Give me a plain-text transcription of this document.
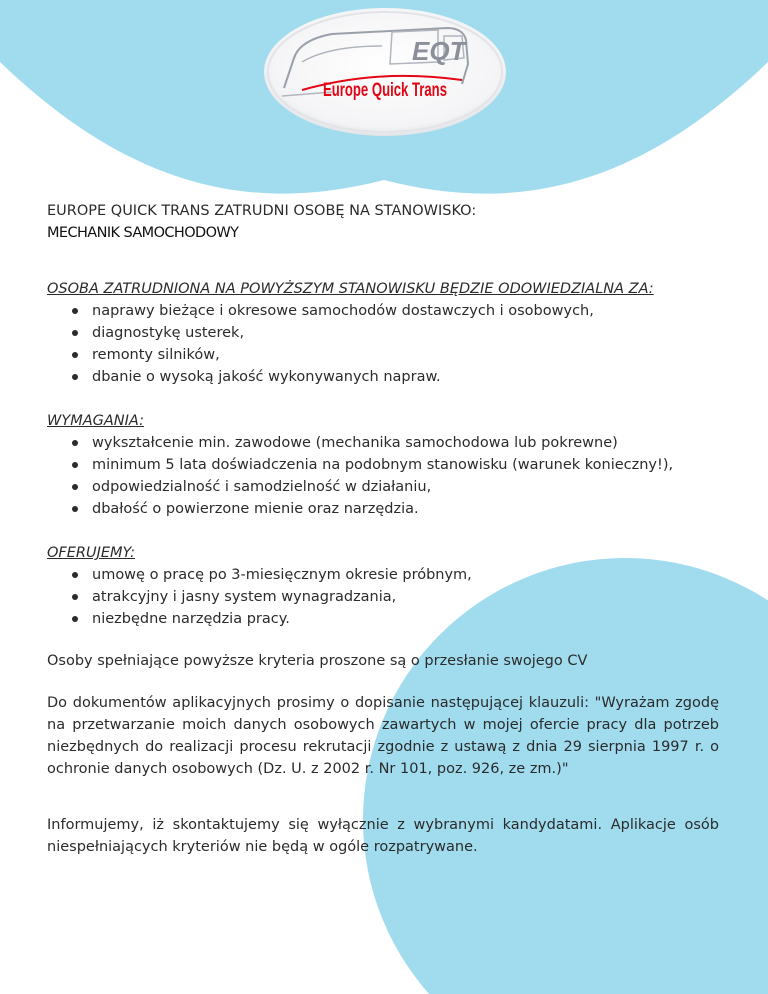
EQT
Europe Quick Trans

EUROPE QUICK TRANS ZATRUDNI OSOBĘ NA STANOWISKO:

MECHANIK SAMOCHODOWY

OSOBA ZATRUDNIONA NA POWYŻSZYM STANOWISKU BĘDZIE ODOWIEDZIALNA ZA:

naprawy bieżące i okresowe samochodów dostawczych i osobowych,
diagnostykę usterek,
remonty silników,
dbanie o wysoką jakość wykonywanych napraw.

WYMAGANIA:

wykształcenie min. zawodowe (mechanika samochodowa lub pokrewne)
minimum 5 lata doświadczenia na podobnym stanowisku (warunek konieczny!),
odpowiedzialność i samodzielność w działaniu,
dbałość o powierzone mienie oraz narzędzia.

OFERUJEMY:

umowę o pracę po 3-miesięcznym okresie próbnym,
atrakcyjny i jasny system wynagradzania,
niezbędne narzędzia pracy.

Osoby spełniające powyższe kryteria proszone są o przesłanie swojego CV

Do dokumentów aplikacyjnych prosimy o dopisanie następującej klauzuli: "Wyrażam zgodę na przetwarzanie moich danych osobowych zawartych w mojej ofercie pracy dla potrzeb niezbędnych do realizacji procesu rekrutacji zgodnie z ustawą z dnia 29 sierpnia 1997 r. o ochronie danych osobowych (Dz. U. z 2002 r. Nr 101, poz. 926, ze zm.)"

Informujemy, iż skontaktujemy się wyłącznie z wybranymi kandydatami. Aplikacje osób niespełniających kryteriów nie będą w ogóle rozpatrywane.
